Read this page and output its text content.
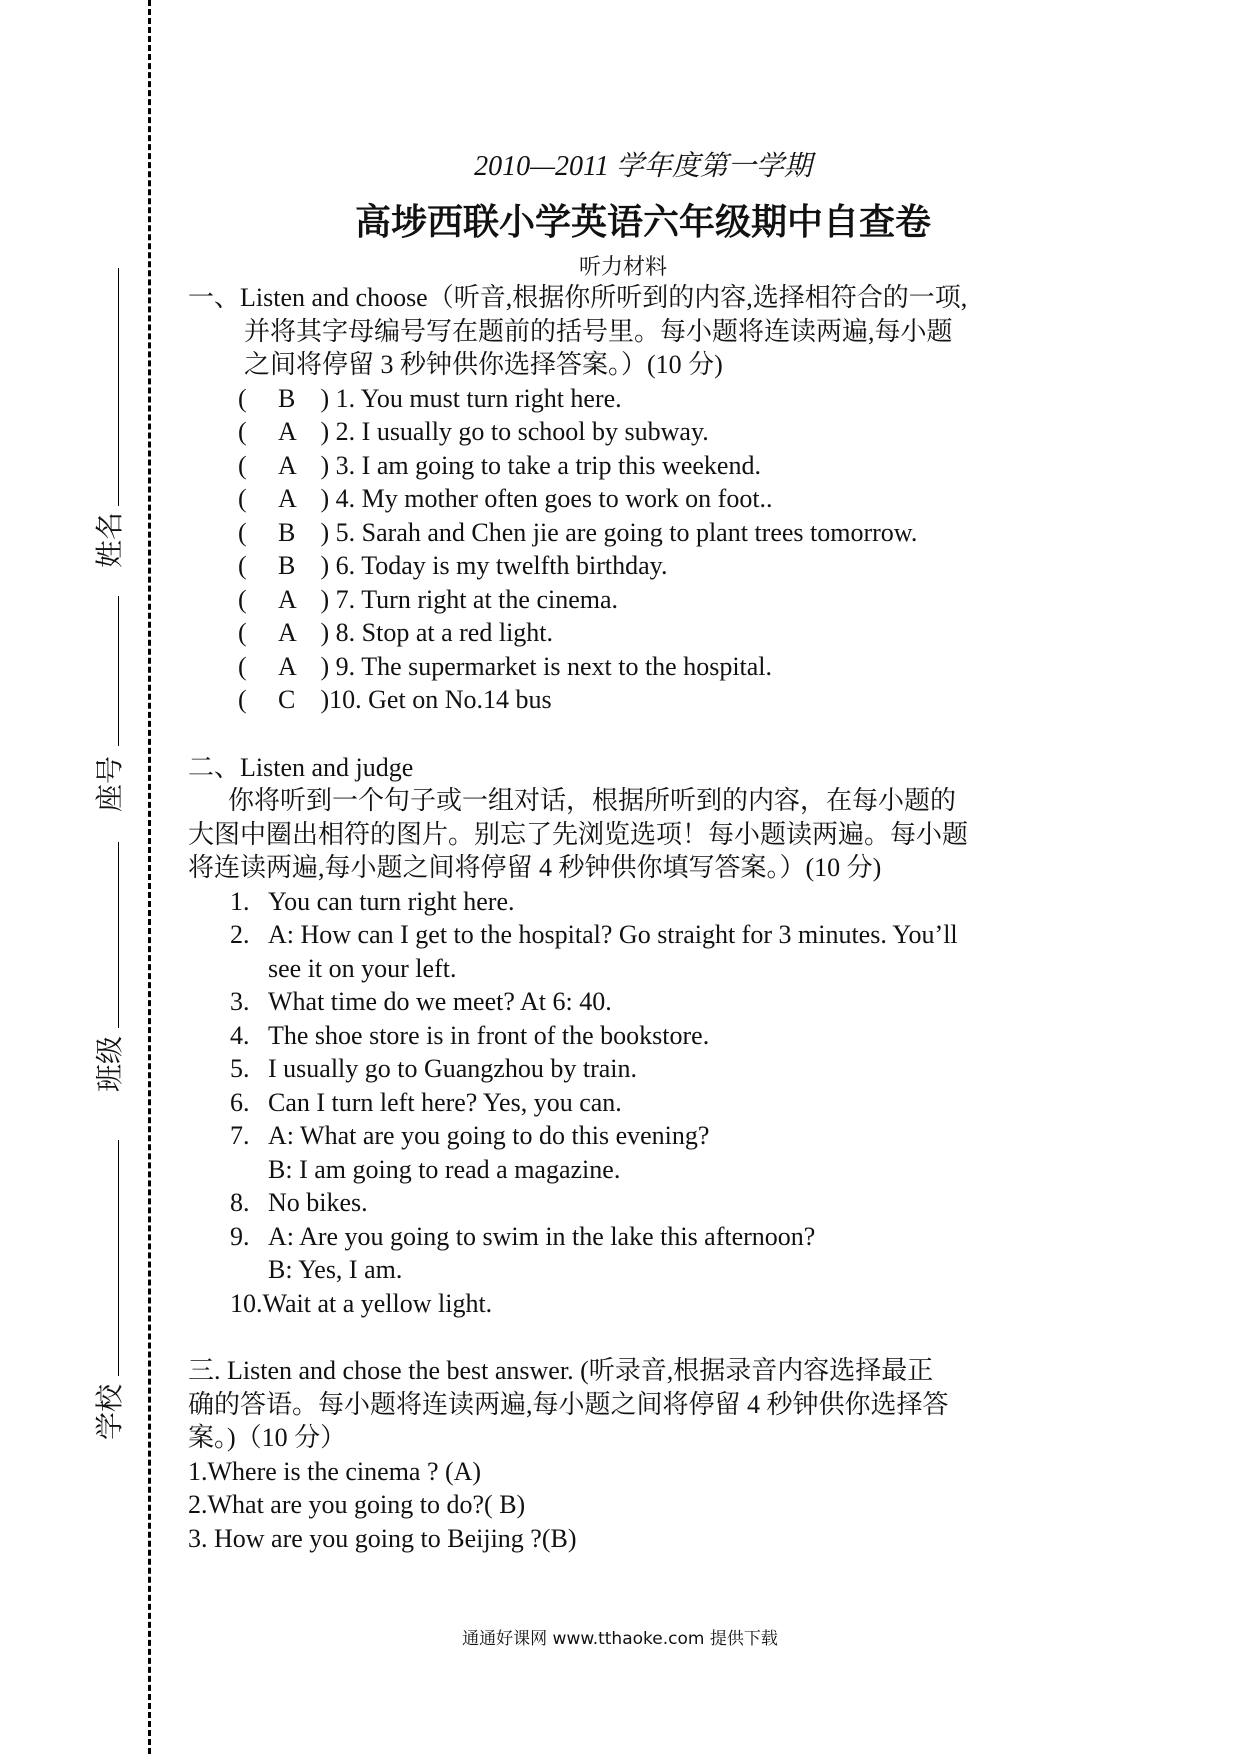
姓名
座号
班级
学校
2010—2011 学年度第一学期
高埗西联小学英语六年级期中自查卷
听力材料
一、Listen and choose（听音,根据你所听到的内容,选择相符合的一项,
并将其字母编号写在题前的括号里。每小题将连读两遍,每小题
之间将停留 3 秒钟供你选择答案。）(10 分)
( B ) 1. You must turn right here.
( A ) 2. I usually go to school by subway.
( A ) 3. I am going to take a trip this weekend.
( A ) 4. My mother often goes to work on foot..
( B ) 5. Sarah and Chen jie are going to plant trees tomorrow.
( B ) 6. Today is my twelfth birthday.
( A ) 7. Turn right at the cinema.
( A ) 8. Stop at a red light.
( A ) 9. The supermarket is next to the hospital.
( C )10. Get on No.14 bus
二、Listen and judge
你将听到一个句子或一组对话，根据所听到的内容，在每小题的
大图中圈出相符的图片。别忘了先浏览选项！每小题读两遍。每小题
将连读两遍,每小题之间将停留 4 秒钟供你填写答案。）(10 分)
1. You can turn right here.
2. A: How can I get to the hospital? Go straight for 3 minutes. You’ll
see it on your left.
3. What time do we meet? At 6: 40.
4. The shoe store is in front of the bookstore.
5. I usually go to Guangzhou by train.
6. Can I turn left here? Yes, you can.
7. A: What are you going to do this evening?
B: I am going to read a magazine.
8. No bikes.
9. A: Are you going to swim in the lake this afternoon?
B: Yes, I am.
10.Wait at a yellow light.
三. Listen and chose the best answer. (听录音,根据录音内容选择最正
确的答语。每小题将连读两遍,每小题之间将停留 4 秒钟供你选择答
案。)（10 分）
1.Where is the cinema ? (A)
2.What are you going to do?( B)
3. How are you going to Beijing ?(B)
通通好课网 www.tthaoke.com 提供下载
